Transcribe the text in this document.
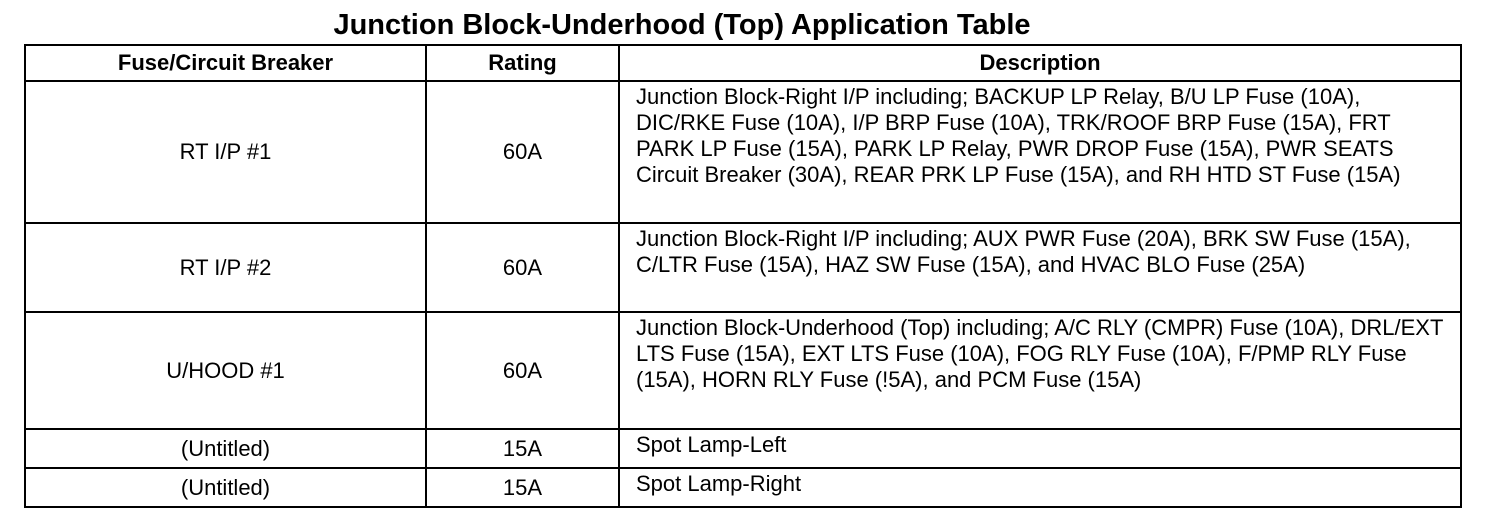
Junction Block-Underhood (Top) Application Table
Fuse/Circuit Breaker	Rating	Description
RT I/P #1	60A	Junction Block-Right I/P including; BACKUP LP Relay, B/U LP Fuse (10A), DIC/RKE Fuse (10A), I/P BRP Fuse (10A), TRK/ROOF BRP Fuse (15A), FRT PARK LP Fuse (15A), PARK LP Relay, PWR DROP Fuse (15A), PWR SEATS Circuit Breaker (30A), REAR PRK LP Fuse (15A), and RH HTD ST Fuse (15A)
RT I/P #2	60A	Junction Block-Right I/P including; AUX PWR Fuse (20A), BRK SW Fuse (15A), C/LTR Fuse (15A), HAZ SW Fuse (15A), and HVAC BLO Fuse (25A)
U/HOOD #1	60A	Junction Block-Underhood (Top) including; A/C RLY (CMPR) Fuse (10A), DRL/EXT LTS Fuse (15A), EXT LTS Fuse (10A), FOG RLY Fuse (10A), F/PMP RLY Fuse (15A), HORN RLY Fuse (!5A), and PCM Fuse (15A)
(Untitled)	15A	Spot Lamp-Left
(Untitled)	15A	Spot Lamp-Right
